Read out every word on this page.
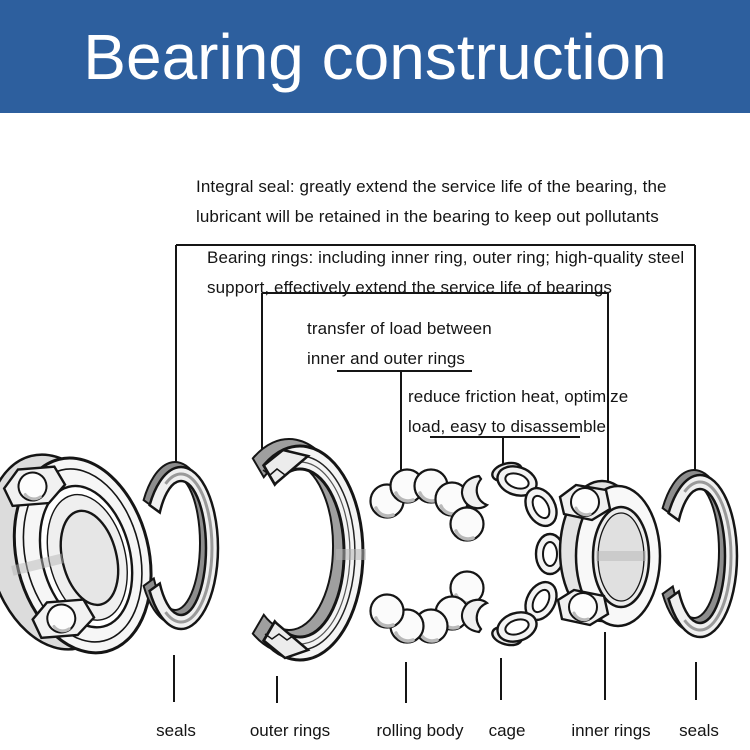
Bearing construction
Integral seal: greatly extend the service life of the bearing, the
lubricant will be retained in the bearing to keep out pollutants
Bearing rings: including inner ring, outer ring; high-quality steel
support, effectively extend the service life of bearings
transfer of load between
inner and outer rings
reduce friction heat, optimize
load, easy to disassemble
seals	outer rings	rolling body cage	inner rings seals
